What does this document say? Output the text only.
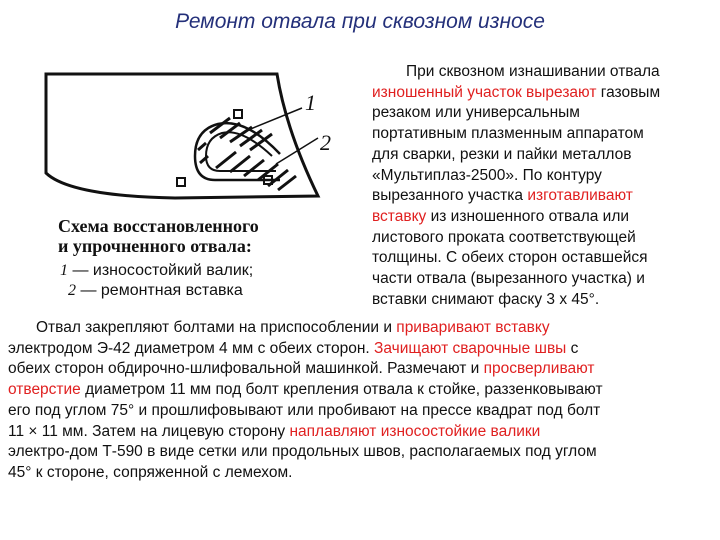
Ремонт отвала при сквозном износе
1
2
Схема восстановленного
и упрочненного отвала:
1 — износостойкий валик;
2 — ремонтная вставка
При сквозном изнашивании отвала
изношенный участок вырезают газовым
резаком или универсальным
портативным плазменным аппаратом
для сварки, резки и пайки металлов
«Мультиплаз-2500». По контуру
вырезанного участка изготавливают
вставку из изношенного отвала или
листового проката соответствующей
толщины. С обеих сторон оставшейся
части отвала (вырезанного участка) и
вставки снимают фаску 3 х 45°.
Отвал закрепляют болтами на приспособлении и приваривают вставку
электродом Э-42 диаметром 4 мм с обеих сторон. Зачищают сварочные швы с
обеих сторон обдирочно-шлифовальной машинкой. Размечают и просверливают
отверстие диаметром 11 мм под болт крепления отвала к стойке, раззенковывают
его под углом 75° и прошлифовывают или пробивают на прессе квадрат под болт
11 × 11 мм. Затем на лицевую сторону наплавляют износостойкие валики
электро-дом Т-590 в виде сетки или продольных швов, располагаемых под углом
45° к стороне, сопряженной с лемехом.
